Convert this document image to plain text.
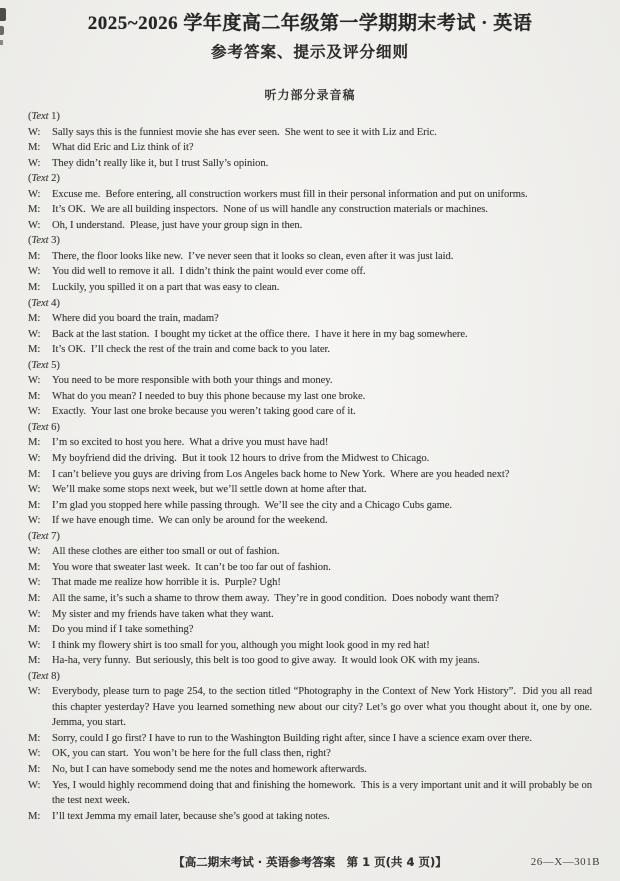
2025~2026 学年度高二年级第一学期期末考试 · 英语
参考答案、提示及评分细则
听力部分录音稿
(Text 1)
W: Sally says this is the funniest movie she has ever seen.  She went to see it with Liz and Eric.
M: What did Eric and Liz think of it?
W: They didn’t really like it, but I trust Sally’s opinion.
(Text 2)
W: Excuse me.  Before entering, all construction workers must fill in their personal information and put on uniforms.
M: It’s OK.  We are all building inspectors.  None of us will handle any construction materials or machines.
W: Oh, I understand.  Please, just have your group sign in then.
(Text 3)
M: There, the floor looks like new.  I’ve never seen that it looks so clean, even after it was just laid.
W: You did well to remove it all.  I didn’t think the paint would ever come off.
M: Luckily, you spilled it on a part that was easy to clean.
(Text 4)
M: Where did you board the train, madam?
W: Back at the last station.  I bought my ticket at the office there.  I have it here in my bag somewhere.
M: It’s OK.  I’ll check the rest of the train and come back to you later.
(Text 5)
W: You need to be more responsible with both your things and money.
M: What do you mean? I needed to buy this phone because my last one broke.
W: Exactly.  Your last one broke because you weren’t taking good care of it.
(Text 6)
M: I’m so excited to host you here.  What a drive you must have had!
W: My boyfriend did the driving.  But it took 12 hours to drive from the Midwest to Chicago.
M: I can’t believe you guys are driving from Los Angeles back home to New York.  Where are you headed next?
W: We’ll make some stops next week, but we’ll settle down at home after that.
M: I’m glad you stopped here while passing through.  We’ll see the city and a Chicago Cubs game.
W: If we have enough time.  We can only be around for the weekend.
(Text 7)
W: All these clothes are either too small or out of fashion.
M: You wore that sweater last week.  It can’t be too far out of fashion.
W: That made me realize how horrible it is.  Purple? Ugh!
M: All the same, it’s such a shame to throw them away.  They’re in good condition.  Does nobody want them?
W: My sister and my friends have taken what they want.
M: Do you mind if I take something?
W: I think my flowery shirt is too small for you, although you might look good in my red hat!
M: Ha-ha, very funny.  But seriously, this belt is too good to give away.  It would look OK with my jeans.
(Text 8)
W: Everybody, please turn to page 254, to the section titled “Photography in the Context of New York History”.  Did you all read this chapter yesterday? Have you learned something new about our city? Let’s go over what you thought about it, one by one.  Jemma, you start.
M: Sorry, could I go first? I have to run to the Washington Building right after, since I have a science exam over there.
W: OK, you can start.  You won’t be here for the full class then, right?
M: No, but I can have somebody send me the notes and homework afterwards.
W: Yes, I would highly recommend doing that and finishing the homework.  This is a very important unit and it will probably be on the test next week.
M: I’ll text Jemma my email later, because she’s good at taking notes.
【高二期末考试 · 英语参考答案　第 1 页(共 4 页)】	26—X—301B
